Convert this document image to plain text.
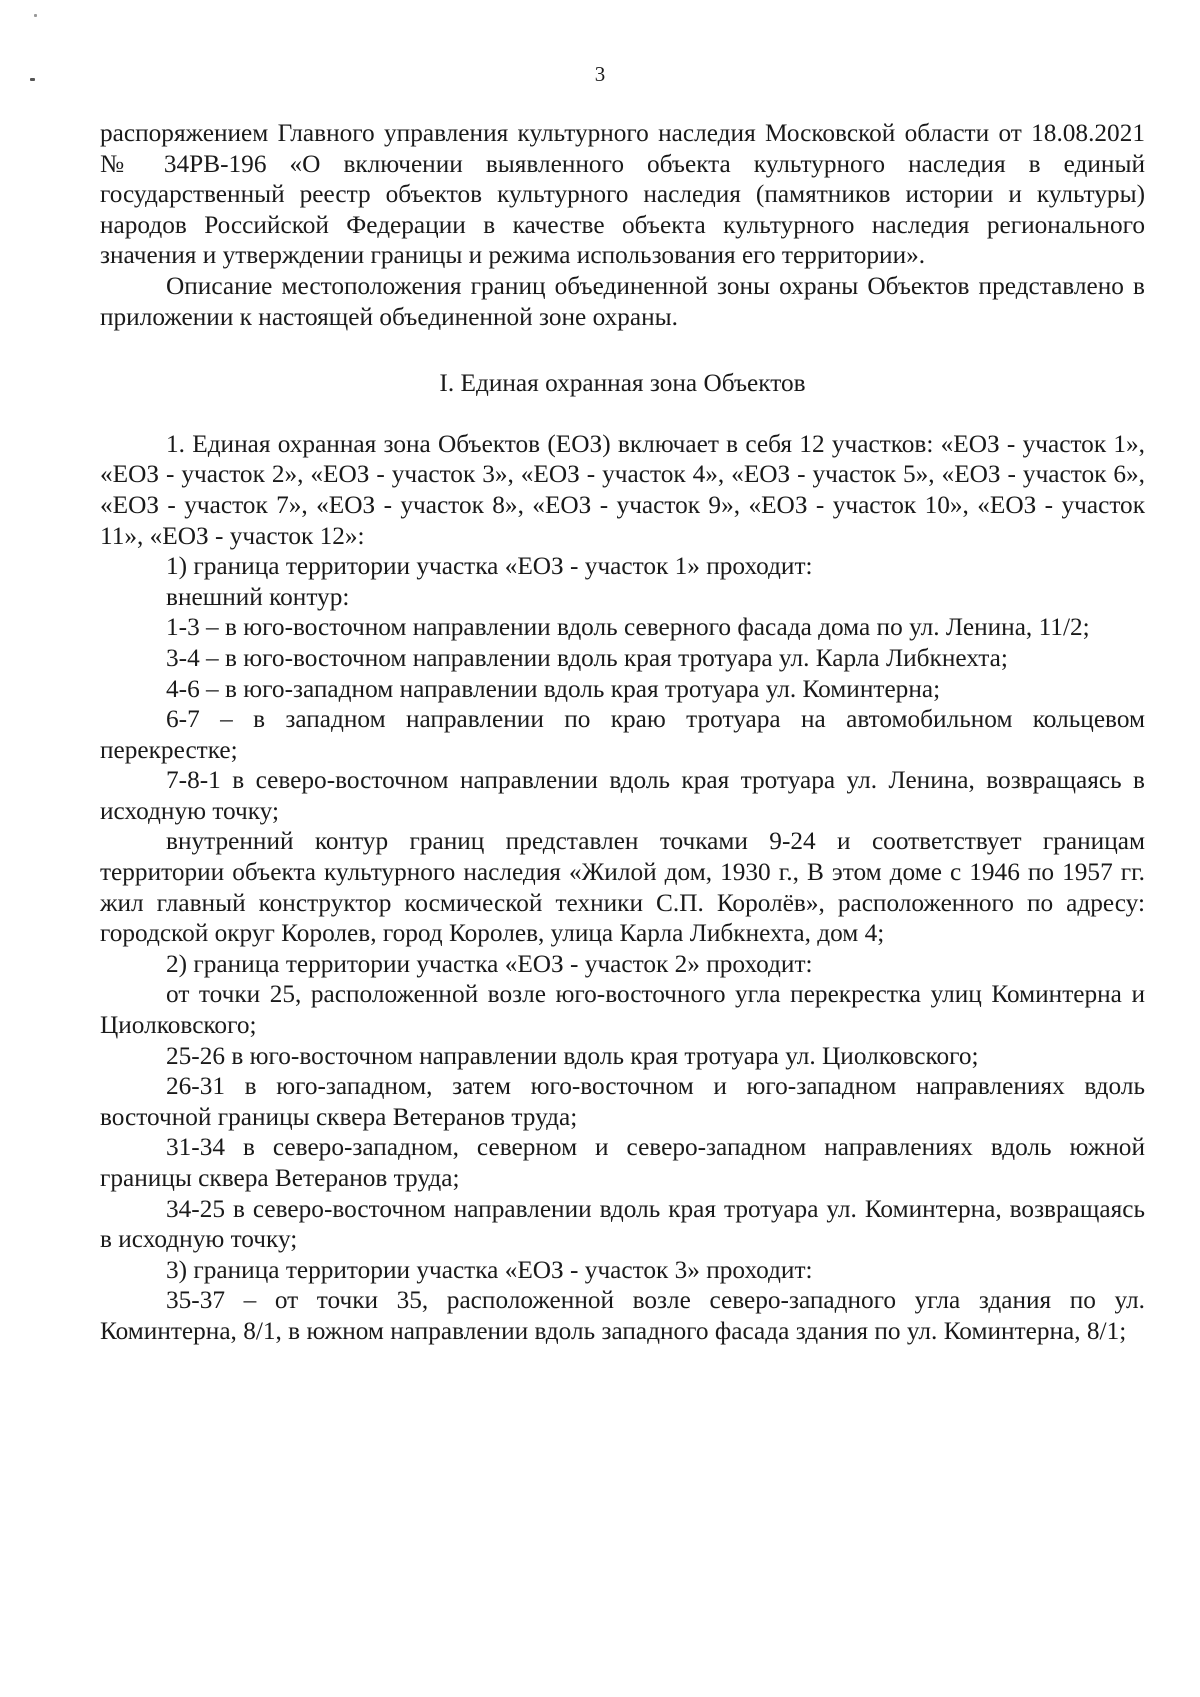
3

распоряжением Главного управления культурного наследия Московской области от 18.08.2021 № 34РВ-196 «О включении выявленного объекта культурного наследия в единый государственный реестр объектов культурного наследия (памятников истории и культуры) народов Российской Федерации в качестве объекта культурного наследия регионального значения и утверждении границы и режима использования его территории».

Описание местоположения границ объединенной зоны охраны Объектов представлено в приложении к настоящей объединенной зоне охраны.

I. Единая охранная зона Объектов

1. Единая охранная зона Объектов (ЕОЗ) включает в себя 12 участков: «ЕОЗ - участок 1», «ЕОЗ - участок 2», «ЕОЗ - участок 3», «ЕОЗ - участок 4», «ЕОЗ - участок 5», «ЕОЗ - участок 6», «ЕОЗ - участок 7», «ЕОЗ - участок 8», «ЕОЗ - участок 9», «ЕОЗ - участок 10», «ЕОЗ - участок 11», «ЕОЗ - участок 12»:

1) граница территории участка «ЕОЗ - участок 1» проходит:

внешний контур:

1-3 – в юго-восточном направлении вдоль северного фасада дома по ул. Ленина, 11/2;

3-4 – в юго-восточном направлении вдоль края тротуара ул. Карла Либкнехта;

4-6 – в юго-западном направлении вдоль края тротуара ул. Коминтерна;

6-7 – в западном направлении по краю тротуара на автомобильном кольцевом перекрестке;

7-8-1 в северо-восточном направлении вдоль края тротуара ул. Ленина, возвращаясь в исходную точку;

внутренний контур границ представлен точками 9-24 и соответствует границам территории объекта культурного наследия «Жилой дом, 1930 г., В этом доме с 1946 по 1957 гг. жил главный конструктор космической техники С.П. Королёв», расположенного по адресу: городской округ Королев, город Королев, улица Карла Либкнехта, дом 4;

2) граница территории участка «ЕОЗ - участок 2» проходит:

от точки 25, расположенной возле юго-восточного угла перекрестка улиц Коминтерна и Циолковского;

25-26 в юго-восточном направлении вдоль края тротуара ул. Циолковского;

26-31 в юго-западном, затем юго-восточном и юго-западном направлениях вдоль восточной границы сквера Ветеранов труда;

31-34 в северо-западном, северном и северо-западном направлениях вдоль южной границы сквера Ветеранов труда;

34-25 в северо-восточном направлении вдоль края тротуара ул. Коминтерна, возвращаясь в исходную точку;

3) граница территории участка «ЕОЗ - участок 3» проходит:

35-37 – от точки 35, расположенной возле северо-западного угла здания по ул. Коминтерна, 8/1, в южном направлении вдоль западного фасада здания по ул. Коминтерна, 8/1;
